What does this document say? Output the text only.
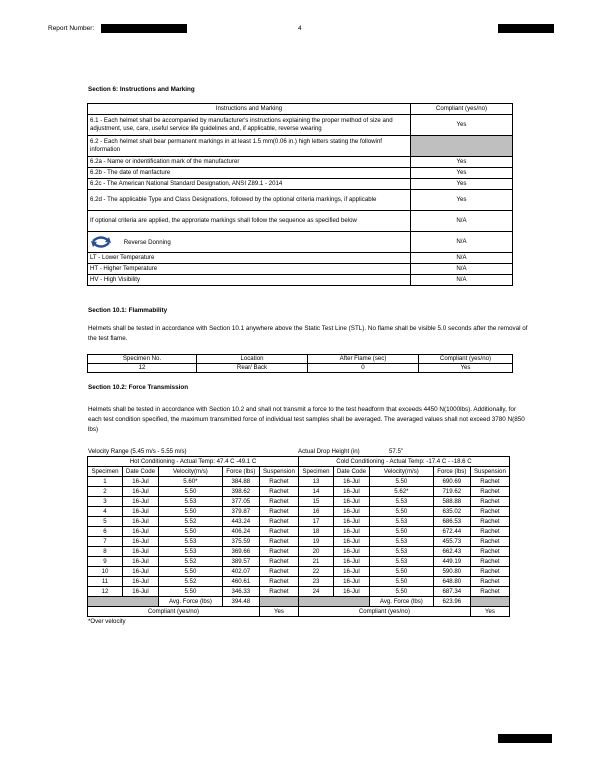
Report Number:	4
Section 6: Instructions and Marking
Instructions and Marking	Compliant (yes/no)
6.1 - Each helmet shall be accompanied by manufacturer's instructions explaining the proper method of size and adjustment, use, care, useful service life guidelines and, if applicable, reverse wearing	Yes
6.2 - Each helmet shall bear permanent markings in at least 1.5 mm(0.06 in.) high letters stating the followinf information	
6.2a - Name or indentification mark of the manufacturer	Yes
6.2b - The date of manfacture	Yes
6.2c - The American National Standard Designation, ANSI Z89.1 - 2014	Yes
6.2d - The applicable Type and Class Designations, followed by the optional criteria markings, if applicable	Yes
If optional criteria are applied, the approriate markings shall follow the sequence as specified below	N/A
Reverse Donning	N/A
LT - Lower Temperature	N/A
HT - Higher Temperature	N/A
HV - High Visibility	N/A
Section 10.1: Flammability

Helmets shall be tested in accordance with Section 10.1 anywhere above the Static Test Line (STL). No flame shall be visible 5.0 seconds after the removal of the test flame.

Specimen No.	Location	After Flame (sec)	Compliant (yes/no)
12	Rear/ Back	0	Yes
Section 10.2: Force Transmission

Helmets shall be tested in accordance with Section 10.2 and shall not transmit a force to the test headform that exceeds 4450 N(1000lbs). Additionally, for each test condition specified, the maximum transmitted force of individual test samples shall be averaged. The averaged values shall not exceed 3780 N(850 lbs)

Velocity Range (5.45 m/s - 5.55 m/s)	Actual Drop Height (in)	57.5"
Hot Conditioning - Actual Temp: 47.4 C -49.1 C					Cold Conditioning - Actual Temp: -17.4 C - -18.6 C				
Specimen	Date Code	Velocity(m/s)	Force (lbs)	Suspension	Specimen	Date Code	Velocity(m/s)	Force (lbs)	Suspension
1	16-Jul	5.60*	384.88	Rachet	13	16-Jul	5.50	690.69	Rachet
2	16-Jul	5.50	398.62	Rachet	14	16-Jul	5.62*	719.62	Rachet
3	16-Jul	5.53	377.05	Rachet	15	16-Jul	5.53	588.88	Rachet
4	16-Jul	5.50	379.87	Rachet	16	16-Jul	5.50	635.02	Rachet
5	16-Jul	5.52	443.24	Rachet	17	16-Jul	5.53	686.53	Rachet
6	16-Jul	5.50	406.24	Rachet	18	16-Jul	5.50	672.44	Rachet
7	16-Jul	5.53	375.59	Rachet	19	16-Jul	5.53	455.73	Rachet
8	16-Jul	5.53	369.66	Rachet	20	16-Jul	5.53	662.43	Rachet
9	16-Jul	5.52	389.57	Rachet	21	16-Jul	5.53	449.19	Rachet
10	16-Jul	5.50	402.07	Rachet	22	16-Jul	5.50	590.80	Rachet
11	16-Jul	5.52	460.61	Rachet	23	16-Jul	5.50	648.80	Rachet
12	16-Jul	5.50	346.33	Rachet	24	16-Jul	5.50	687.34	Rachet
		Avg. Force (lbs)	394.48				Avg. Force (lbs)	623.96	
Compliant (yes/no)				Yes	Compliant (yes/no)				Yes
*Over velocity
